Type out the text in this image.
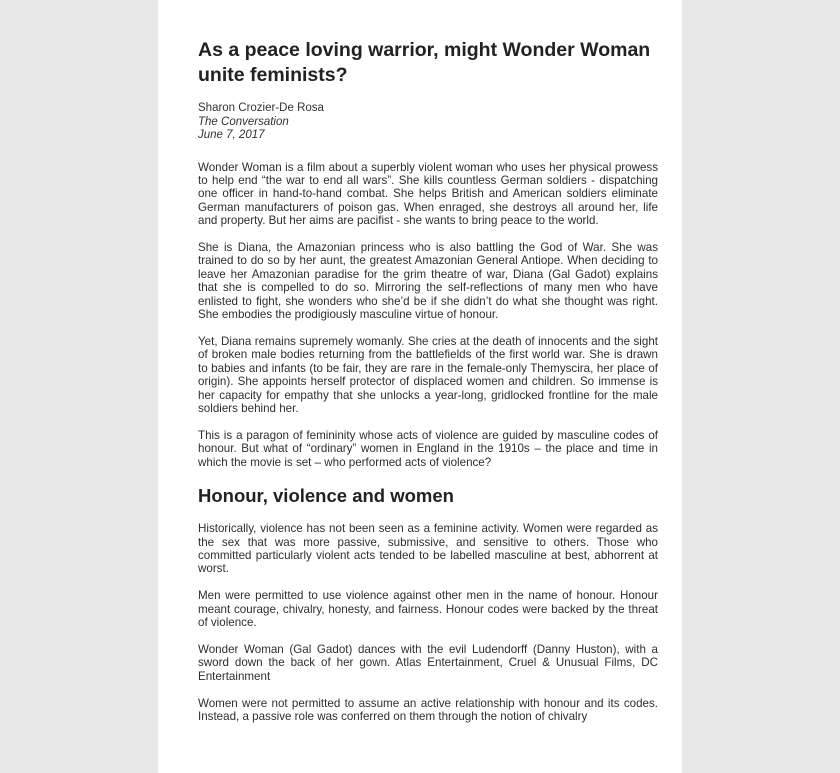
As a peace loving warrior, might Wonder Woman unite feminists?
Sharon Crozier-De Rosa
The Conversation
June 7, 2017

Wonder Woman is a film about a superbly violent woman who uses her physical prowess to help end “the war to end all wars”. She kills countless German soldiers - dispatching one officer in hand-to-hand combat. She helps British and American soldiers eliminate German manufacturers of poison gas. When enraged, she destroys all around her, life and property. But her aims are pacifist - she wants to bring peace to the world.

She is Diana, the Amazonian princess who is also battling the God of War. She was trained to do so by her aunt, the greatest Amazonian General Antiope. When deciding to leave her Amazonian paradise for the grim theatre of war, Diana (Gal Gadot) explains that she is compelled to do so. Mirroring the self-reflections of many men who have enlisted to fight, she wonders who she’d be if she didn’t do what she thought was right. She embodies the prodigiously masculine virtue of honour.

Yet, Diana remains supremely womanly. She cries at the death of innocents and the sight of broken male bodies returning from the battlefields of the first world war. She is drawn to babies and infants (to be fair, they are rare in the female-only Themyscira, her place of origin). She appoints herself protector of displaced women and children. So immense is her capacity for empathy that she unlocks a year-long, gridlocked frontline for the male soldiers behind her.

This is a paragon of femininity whose acts of violence are guided by masculine codes of honour. But what of “ordinary” women in England in the 1910s – the place and time in which the movie is set – who performed acts of violence?

Honour, violence and women

Historically, violence has not been seen as a feminine activity. Women were regarded as the sex that was more passive, submissive, and sensitive to others. Those who committed particularly violent acts tended to be labelled masculine at best, abhorrent at worst.

Men were permitted to use violence against other men in the name of honour. Honour meant courage, chivalry, honesty, and fairness. Honour codes were backed by the threat of violence.

Wonder Woman (Gal Gadot) dances with the evil Ludendorff (Danny Huston), with a sword down the back of her gown. Atlas Entertainment, Cruel & Unusual Films, DC Entertainment

Women were not permitted to assume an active relationship with honour and its codes. Instead, a passive role was conferred on them through the notion of chivalry
